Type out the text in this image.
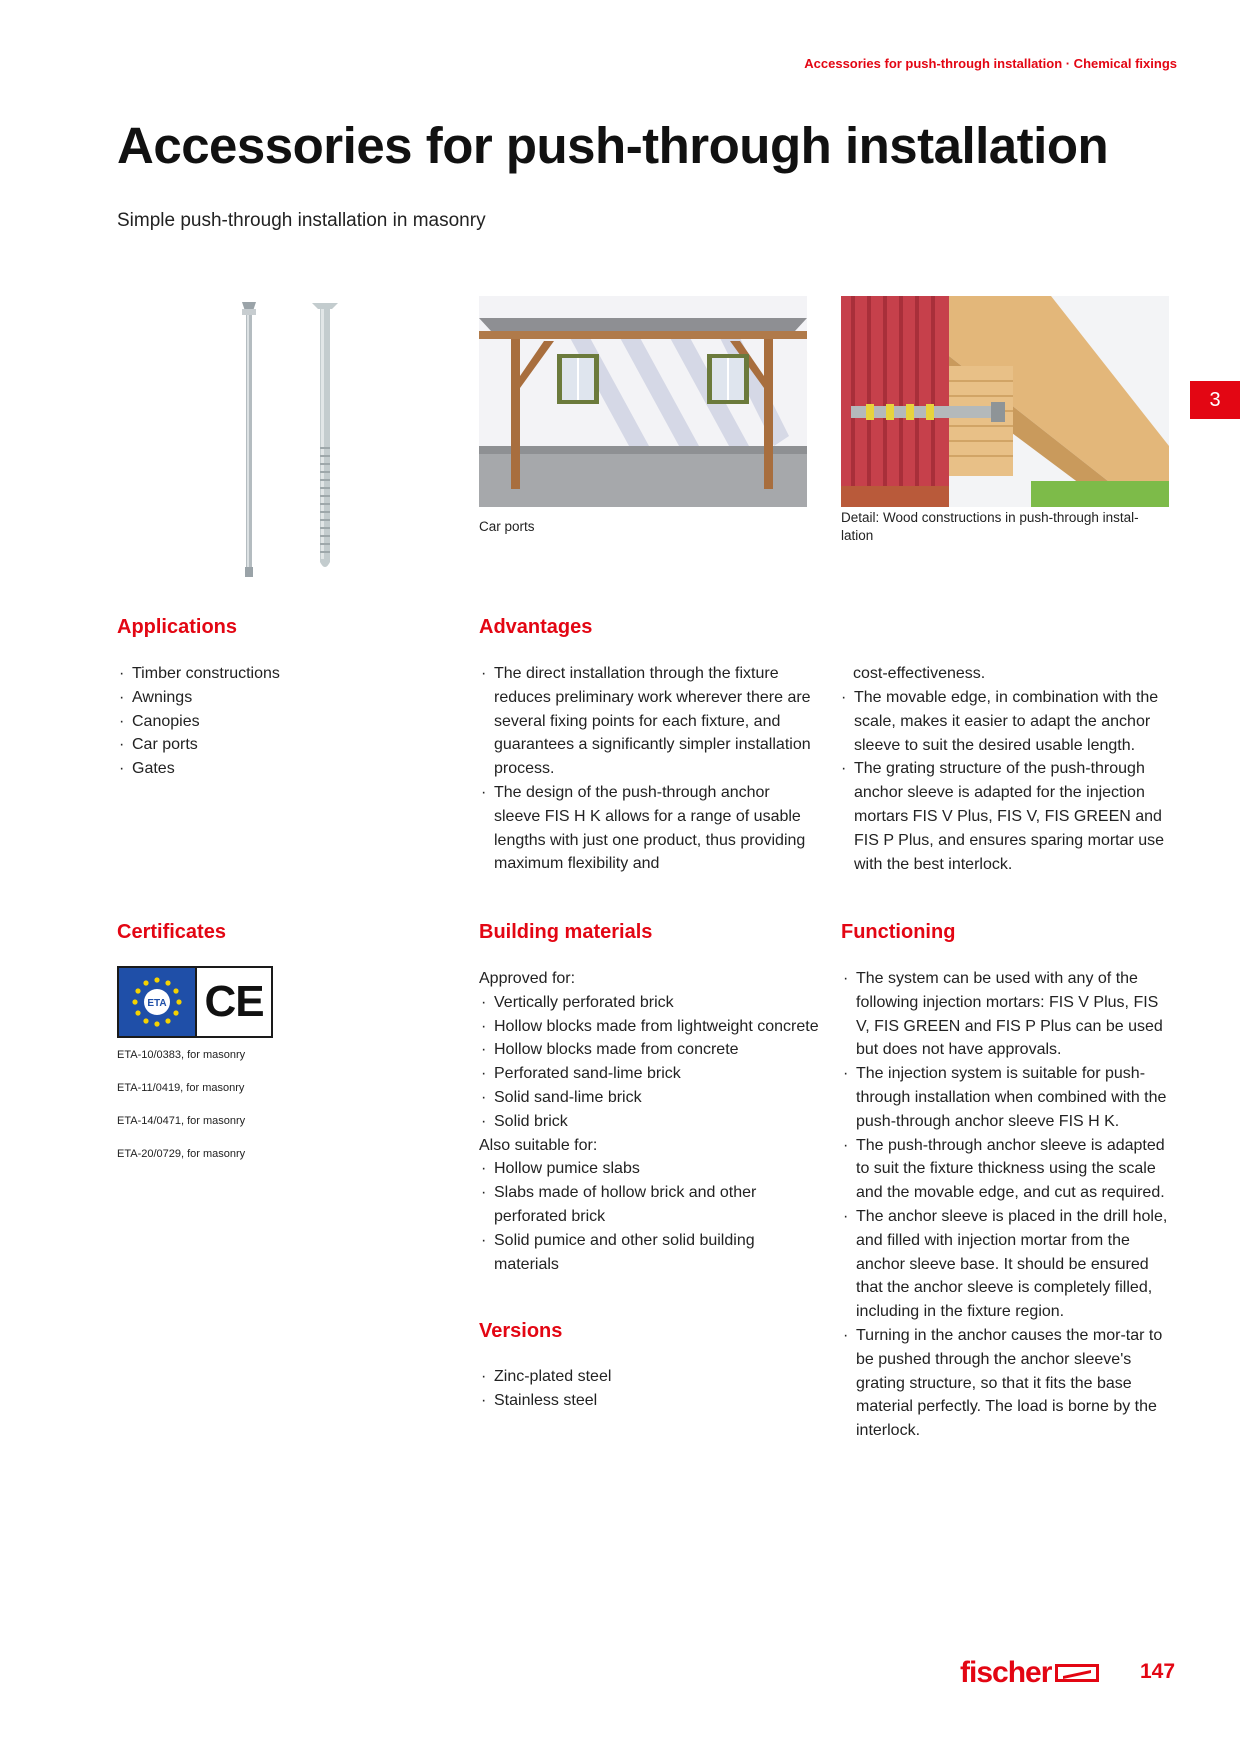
Accessories for push-through installation · Chemical fixings
Accessories for push-through installation
Simple push-through installation in masonry
3
Car ports
Detail: Wood constructions in push-through instal-lation
Applications
· Timber constructions
· Awnings
· Canopies
· Car ports
· Gates
Advantages
· The direct installation through the fixture reduces preliminary work wherever there are several fixing points for each fixture, and guarantees a significantly simpler installation process.
· The design of the push-through anchor sleeve FIS H K allows for a range of usable lengths with just one product, thus providing maximum flexibility and
cost-effectiveness.
· The movable edge, in combination with the scale, makes it easier to adapt the anchor sleeve to suit the desired usable length.
· The grating structure of the push-through anchor sleeve is adapted for the injection mortars FIS V Plus, FIS V, FIS GREEN and FIS P Plus, and ensures sparing mortar use with the best interlock.
Certificates
ETA CE
ETA-10/0383, for masonry
ETA-11/0419, for masonry
ETA-14/0471, for masonry
ETA-20/0729, for masonry
Building materials
Approved for:
· Vertically perforated brick
· Hollow blocks made from lightweight concrete
· Hollow blocks made from concrete
· Perforated sand-lime brick
· Solid sand-lime brick
· Solid brick
Also suitable for:
· Hollow pumice slabs
· Slabs made of hollow brick and other perforated brick
· Solid pumice and other solid building materials
Versions
· Zinc-plated steel
· Stainless steel
Functioning
· The system can be used with any of the following injection mortars: FIS V Plus, FIS V, FIS GREEN and FIS P Plus can be used but does not have approvals.
· The injection system is suitable for push-through installation when combined with the push-through anchor sleeve FIS H K.
· The push-through anchor sleeve is adapted to suit the fixture thickness using the scale and the movable edge, and cut as required.
· The anchor sleeve is placed in the drill hole, and filled with injection mortar from the anchor sleeve base. It should be ensured that the anchor sleeve is completely filled, including in the fixture region.
· Turning in the anchor causes the mor-tar to be pushed through the anchor sleeve's grating structure, so that it fits the base material perfectly. The load is borne by the interlock.
fischer	147
